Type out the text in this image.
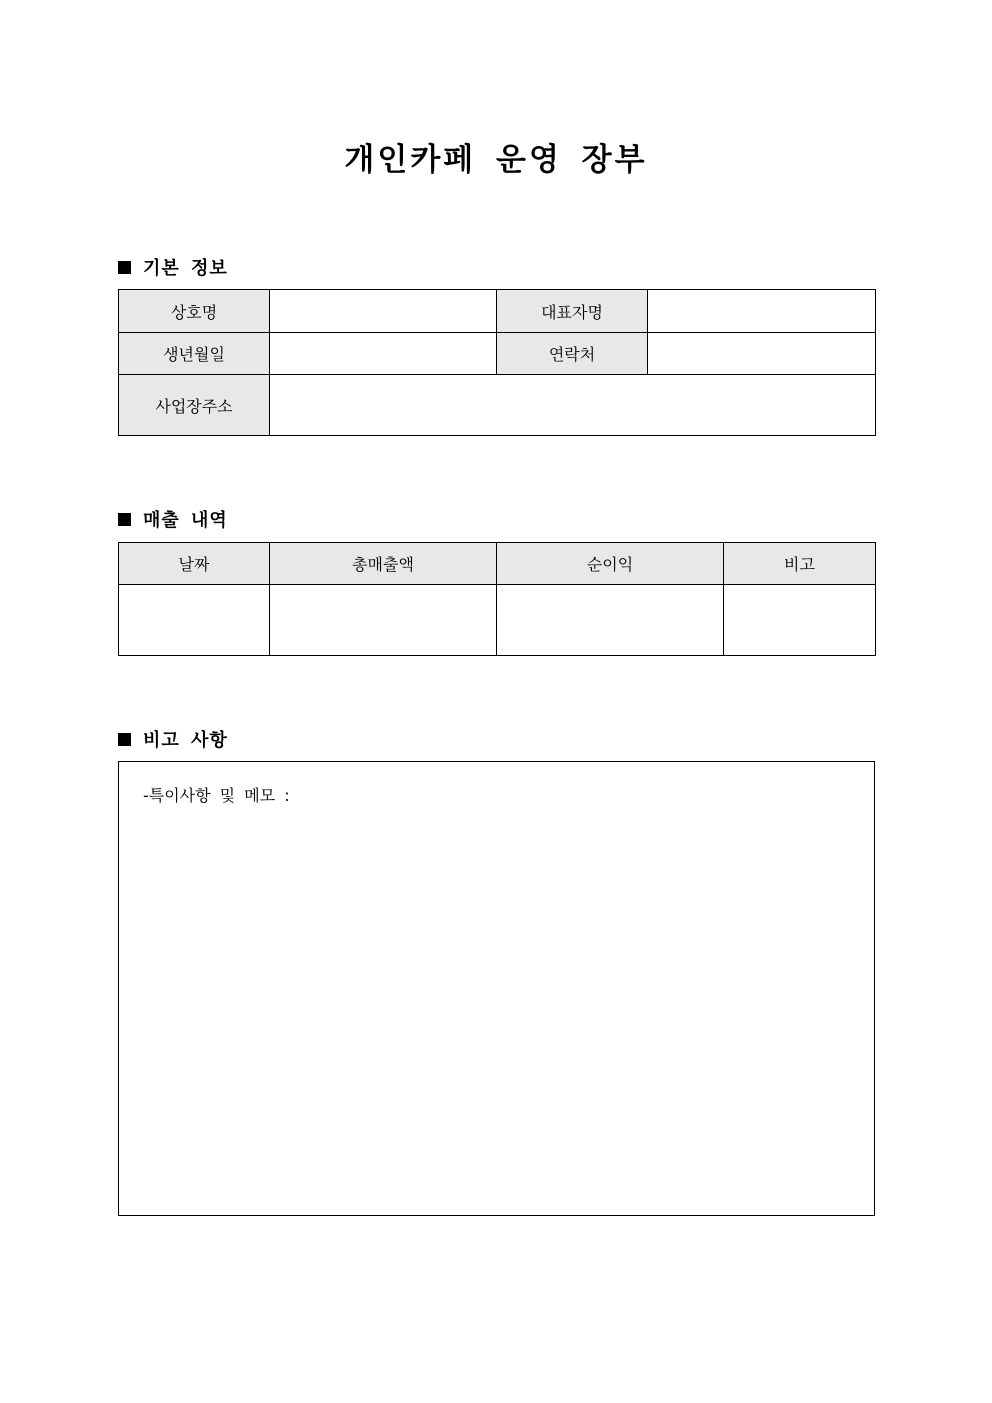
개인카페 운영 장부
기본 정보
상호명		대표자명	
생년월일		연락처	
사업장주소			
매출 내역
날짜	총매출액	순이익	비고

비고 사항
-특이사항 및 메모 :
